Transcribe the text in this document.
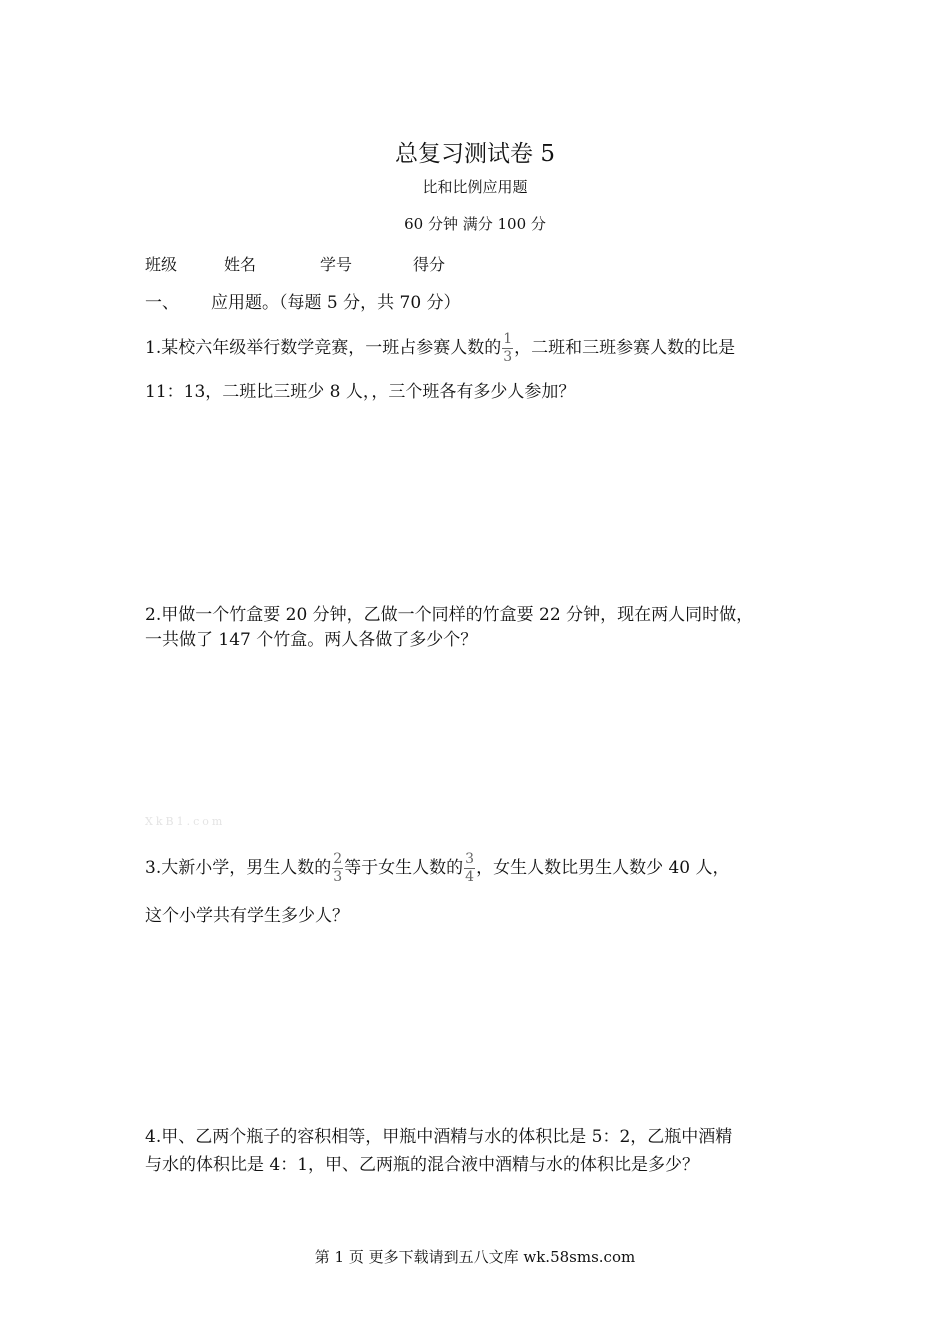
总复习测试卷 5
比和比例应用题
60 分钟 满分 100 分
班级	姓名	学号	得分
一、 应用题。（每题 5 分，共 70 分）
1.某校六年级举行数学竞赛，一班占参赛人数的 $\frac{1}{3}$ ，二班和三班参赛人数的比是
11：13，二班比三班少 8 人，，三个班各有多少人参加？
2.甲做一个竹盒要 20 分钟，乙做一个同样的竹盒要 22 分钟，现在两人同时做，
一共做了 147 个竹盒。两人各做了多少个？
XkB1.com
3.大新小学，男生人数的 $\frac{2}{3}$ 等于女生人数的 $\frac{3}{4}$ ，女生人数比男生人数少 40 人，
这个小学共有学生多少人？
4.甲、乙两个瓶子的容积相等，甲瓶中酒精与水的体积比是 5：2，乙瓶中酒精
与水的体积比是 4：1，甲、乙两瓶的混合液中酒精与水的体积比是多少？
第 1 页 更多下载请到五八文库 wk.58sms.com
